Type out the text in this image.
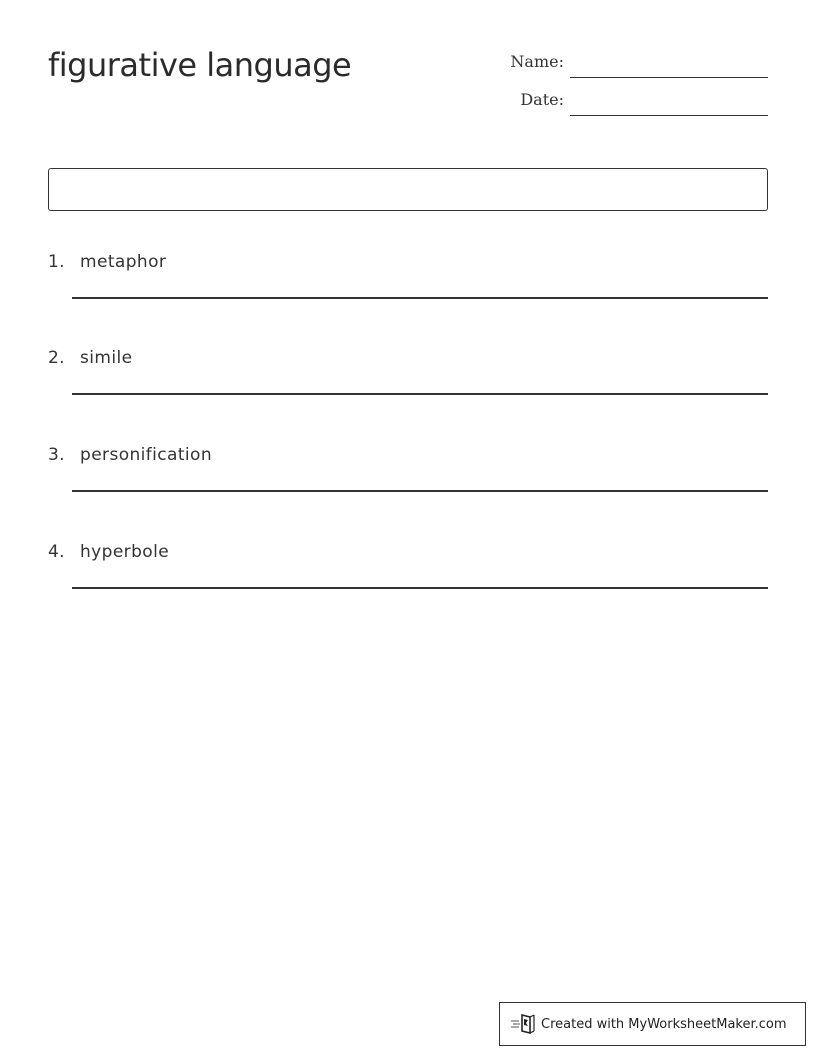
figurative language	Name:
Date:
1. metaphor
2. simile
3. personification
4. hyperbole
Created with MyWorksheetMaker.com
